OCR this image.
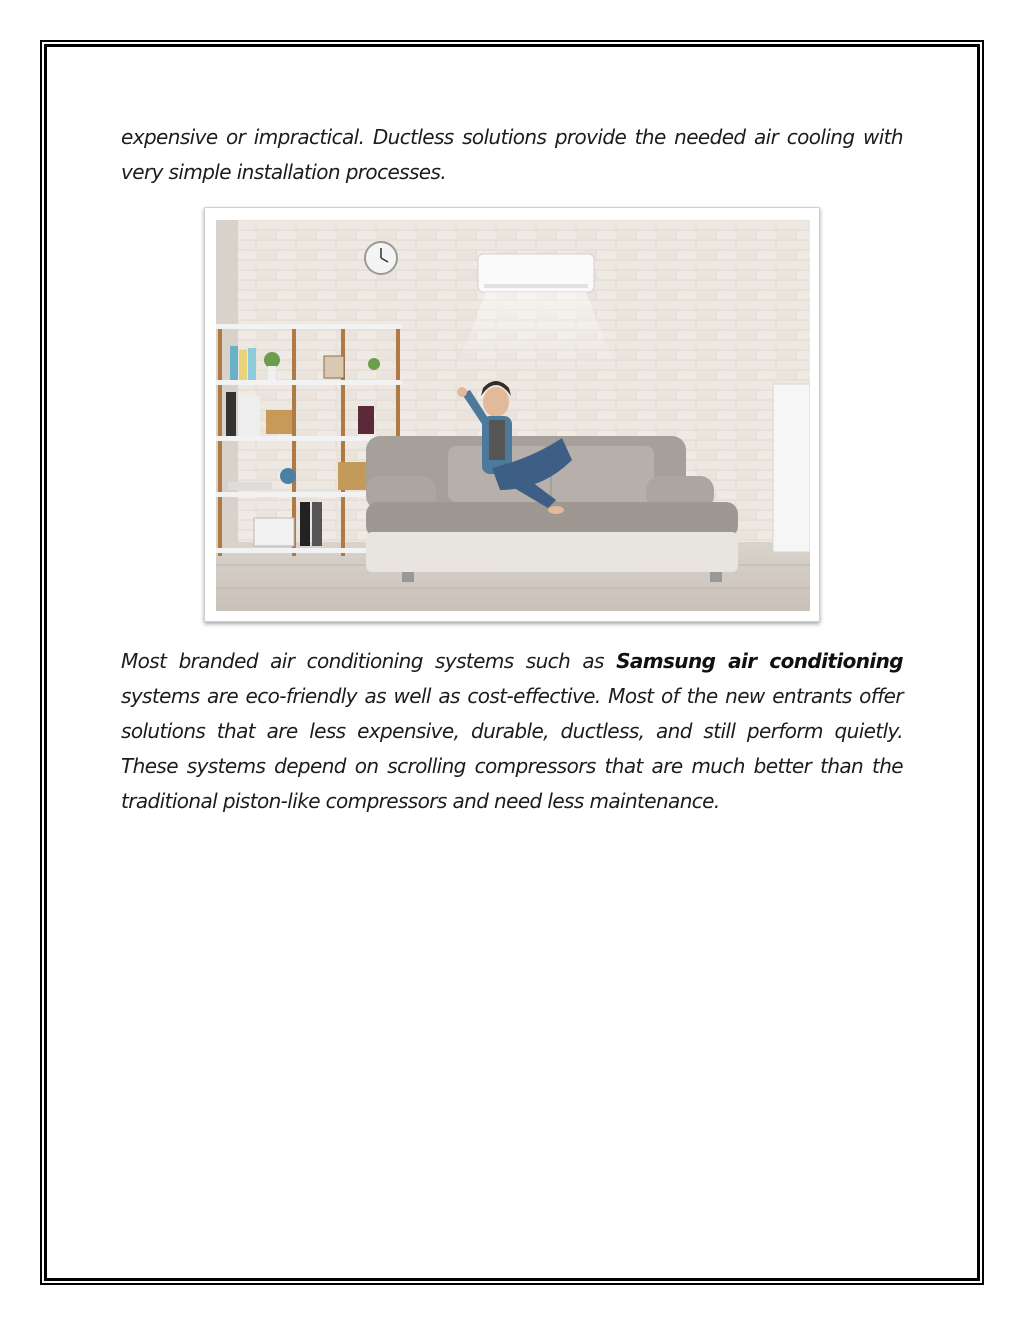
expensive or impractical. Ductless solutions provide the needed air cooling with very simple installation processes.

Most branded air conditioning systems such as Samsung air conditioning systems are eco-friendly as well as cost-effective. Most of the new entrants offer solutions that are less expensive, durable, ductless, and still perform quietly. These systems depend on scrolling compressors that are much better than the traditional piston-like compressors and need less maintenance.
